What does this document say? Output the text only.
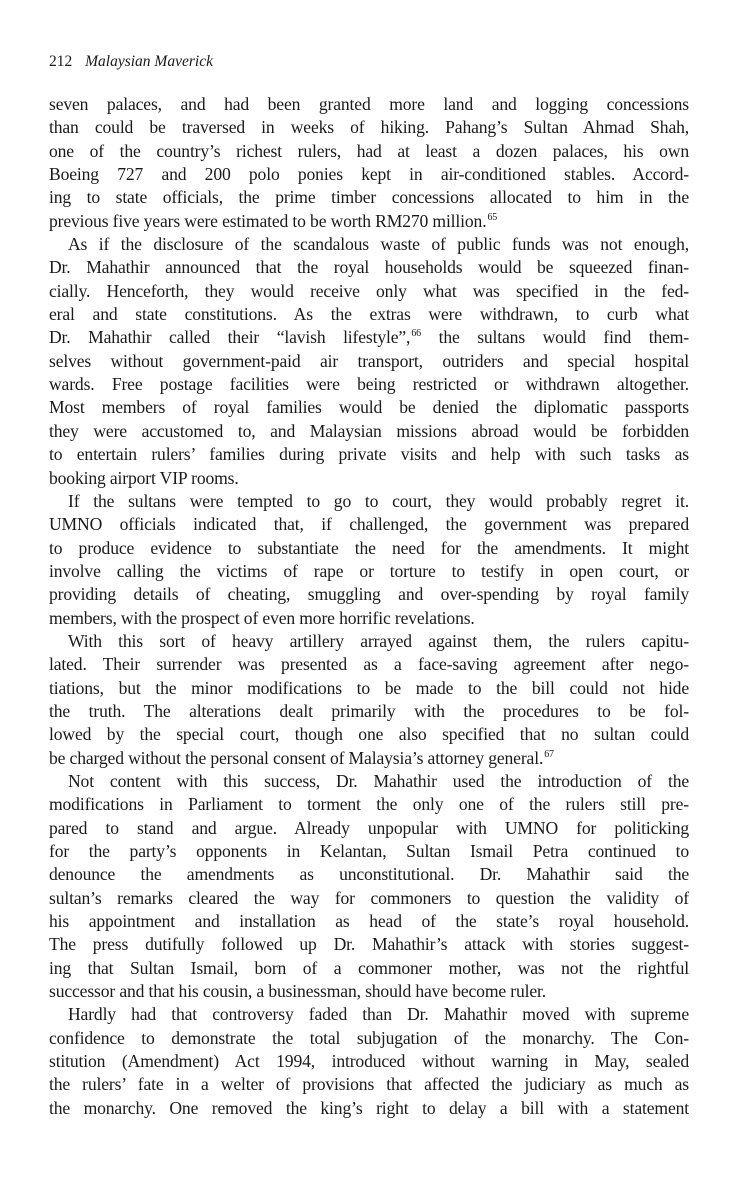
212 Malaysian Maverick
seven palaces, and had been granted more land and logging concessions
than could be traversed in weeks of hiking. Pahang’s Sultan Ahmad Shah,
one of the country’s richest rulers, had at least a dozen palaces, his own
Boeing 727 and 200 polo ponies kept in air-conditioned stables. Accord-
ing to state officials, the prime timber concessions allocated to him in the
previous five years were estimated to be worth RM270 million.$^{65}$
As if the disclosure of the scandalous waste of public funds was not enough,
Dr. Mahathir announced that the royal households would be squeezed finan-
cially. Henceforth, they would receive only what was specified in the fed-
eral and state constitutions. As the extras were withdrawn, to curb what
Dr. Mahathir called their “lavish lifestyle”,$^{66}$ the sultans would find them-
selves without government-paid air transport, outriders and special hospital
wards. Free postage facilities were being restricted or withdrawn altogether.
Most members of royal families would be denied the diplomatic passports
they were accustomed to, and Malaysian missions abroad would be forbidden
to entertain rulers’ families during private visits and help with such tasks as
booking airport VIP rooms.
If the sultans were tempted to go to court, they would probably regret it.
UMNO officials indicated that, if challenged, the government was prepared
to produce evidence to substantiate the need for the amendments. It might
involve calling the victims of rape or torture to testify in open court, or
providing details of cheating, smuggling and over-spending by royal family
members, with the prospect of even more horrific revelations.
With this sort of heavy artillery arrayed against them, the rulers capitu-
lated. Their surrender was presented as a face-saving agreement after nego-
tiations, but the minor modifications to be made to the bill could not hide
the truth. The alterations dealt primarily with the procedures to be fol-
lowed by the special court, though one also specified that no sultan could
be charged without the personal consent of Malaysia’s attorney general.$^{67}$
Not content with this success, Dr. Mahathir used the introduction of the
modifications in Parliament to torment the only one of the rulers still pre-
pared to stand and argue. Already unpopular with UMNO for politicking
for the party’s opponents in Kelantan, Sultan Ismail Petra continued to
denounce the amendments as unconstitutional. Dr. Mahathir said the
sultan’s remarks cleared the way for commoners to question the validity of
his appointment and installation as head of the state’s royal household.
The press dutifully followed up Dr. Mahathir’s attack with stories suggest-
ing that Sultan Ismail, born of a commoner mother, was not the rightful
successor and that his cousin, a businessman, should have become ruler.
Hardly had that controversy faded than Dr. Mahathir moved with supreme
confidence to demonstrate the total subjugation of the monarchy. The Con-
stitution (Amendment) Act 1994, introduced without warning in May, sealed
the rulers’ fate in a welter of provisions that affected the judiciary as much as
the monarchy. One removed the king’s right to delay a bill with a statement
